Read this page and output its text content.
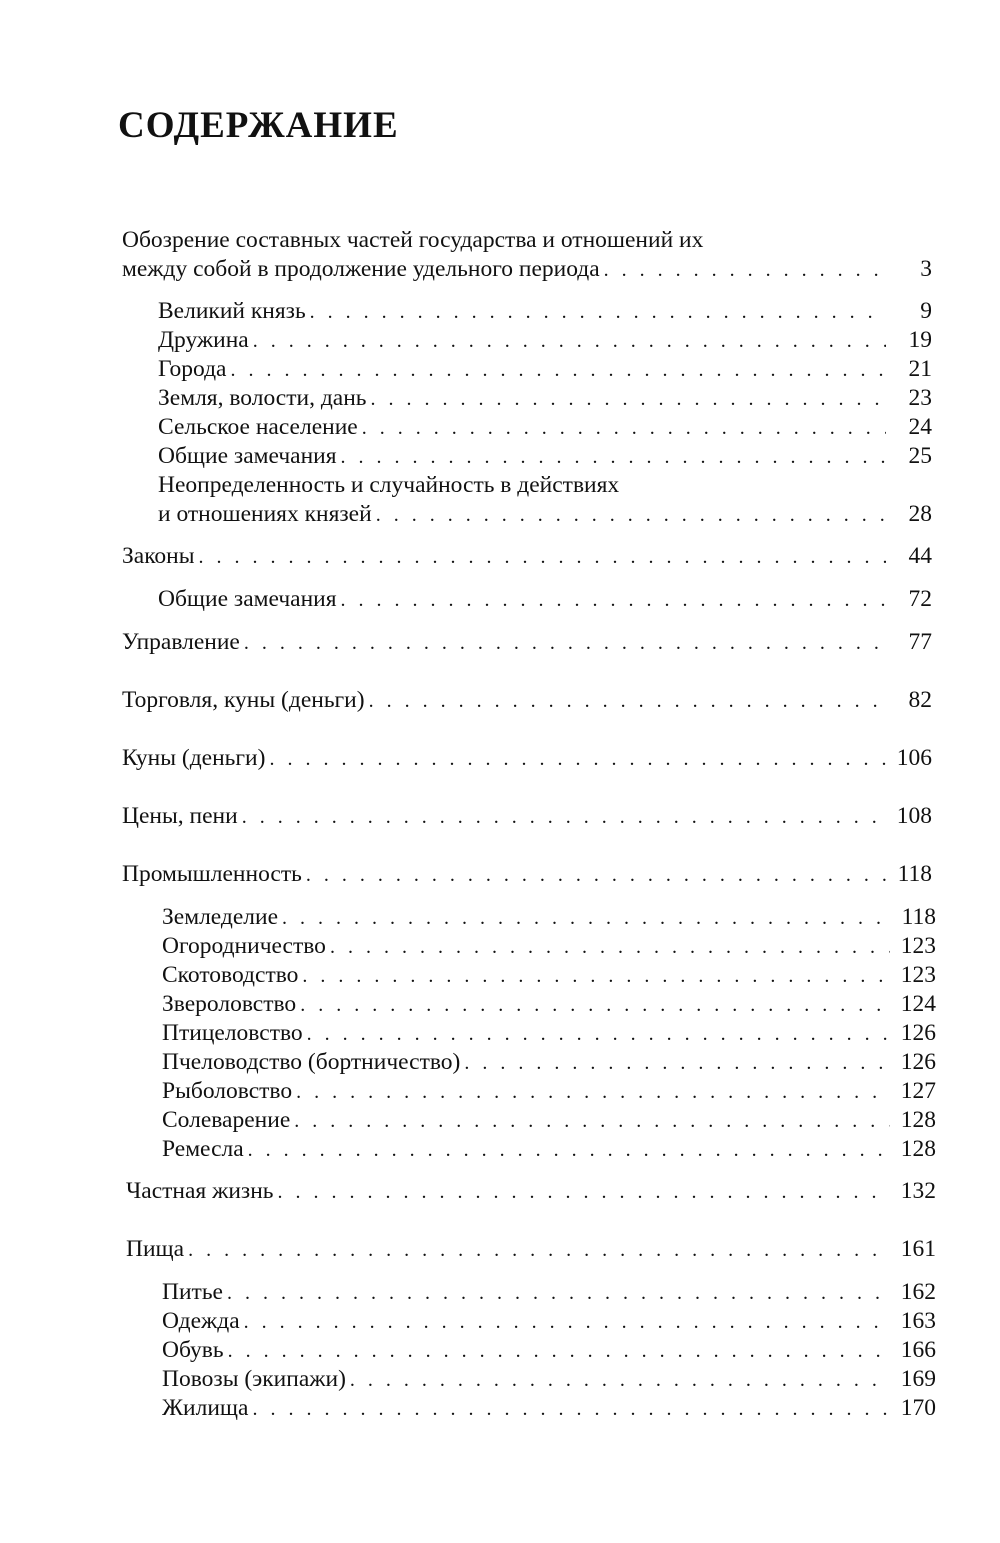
СОДЕРЖАНИЕ
Обозрение составных частей государства и отношений их
между собой в продолжение удельного периода . . .	3
Великий князь . . .	9
Дружина . . .	19
Города . . .	21
Земля, волости, дань . . .	23
Сельское население . . .	24
Общие замечания . . .	25
Неопределенность и случайность в действиях
и отношениях князей . . .	28
Законы . . .	44
Общие замечания . . .	72
Управление . . .	77
Торговля, куны (деньги) . . .	82
Куны (деньги) . . .	106
Цены, пени . . .	108
Промышленность . . .	118
Земледелие . . .	118
Огородничество . . .	123
Скотоводство . . .	123
Звероловство . . .	124
Птицеловство . . .	126
Пчеловодство (бортничество) . . .	126
Рыболовство . . .	127
Солеварение . . .	128
Ремесла . . .	128
Частная жизнь . . .	132
Пища . . .	161
Питье . . .	162
Одежда . . .	163
Обувь . . .	166
Повозы (экипажи) . . .	169
Жилища . . .	170
